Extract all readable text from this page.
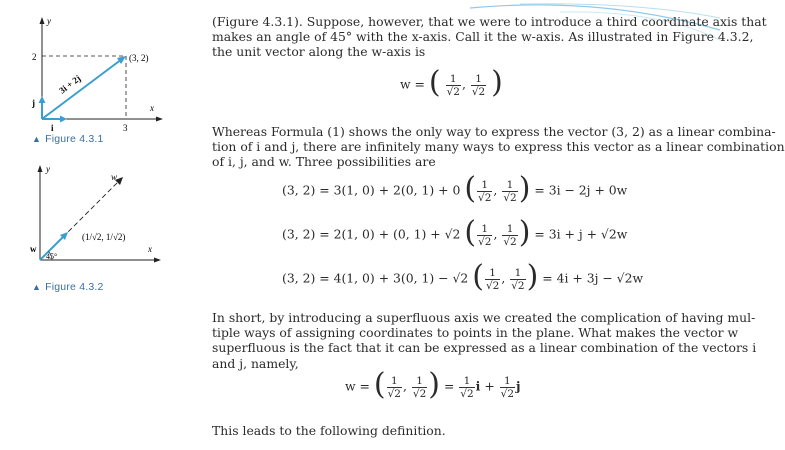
y
x
2
3
(3, 2)
3i + 2j
j
i
▲ Figure 4.3.1
y
x
w
w
45°
(1/√2, 1/√2)
▲ Figure 4.3.2
(Figure 4.3.1). Suppose, however, that we were to introduce a third coordinate axis that
makes an angle of 45° with the x-axis. Call it the w-axis. As illustrated in Figure 4.3.2,
the unit vector along the w-axis is
w = ( $\frac{1}{√2}$ , $\frac{1}{√2}$ )
Whereas Formula (1) shows the only way to express the vector (3, 2) as a linear combina-
tion of i and j, there are infinitely many ways to express this vector as a linear combination
of i, j, and w. Three possibilities are
(3, 2) = 3(1, 0) + 2(0, 1) + 0 ( $\frac{1}{√2}$ , $\frac{1}{√2}$ ) = 3i − 2j + 0w
(3, 2) = 2(1, 0) + (0, 1) + √2 ( $\frac{1}{√2}$ , $\frac{1}{√2}$ ) = 3i + j + √2w
(3, 2) = 4(1, 0) + 3(0, 1) − √2 ( $\frac{1}{√2}$ , $\frac{1}{√2}$ ) = 4i + 3j − √2w
In short, by introducing a superfluous axis we created the complication of having mul-
tiple ways of assigning coordinates to points in the plane. What makes the vector w
superfluous is the fact that it can be expressed as a linear combination of the vectors i
and j, namely,
w = ( $\frac{1}{√2}$ , $\frac{1}{√2}$ ) = $\frac{1}{√2}$ $i + \frac{1}{√2}$ j
This leads to the following definition.
